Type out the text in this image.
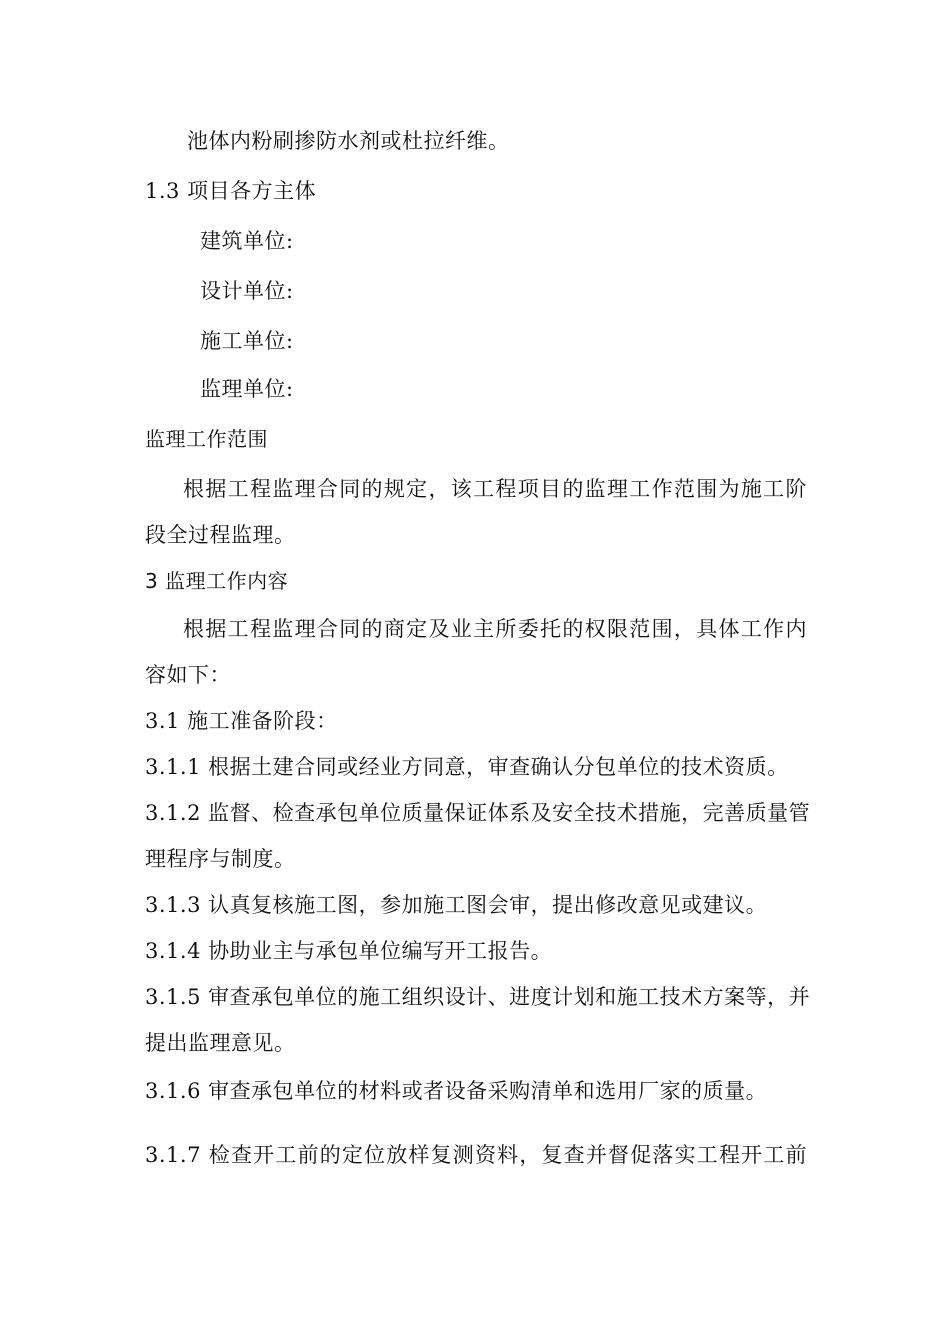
池体内粉刷掺防水剂或杜拉纤维。
1.3 项目各方主体
建筑单位:
设计单位:
施工单位:
监理单位:
监理工作范围
根据工程监理合同的规定，该工程项目的监理工作范围为施工阶
段全过程监理。
3 监理工作内容
根据工程监理合同的商定及业主所委托的权限范围，具体工作内
容如下：
3.1 施工准备阶段：
3.1.1 根据土建合同或经业方同意，审查确认分包单位的技术资质。
3.1.2 监督、检查承包单位质量保证体系及安全技术措施，完善质量管
理程序与制度。
3.1.3 认真复核施工图，参加施工图会审，提出修改意见或建议。
3.1.4 协助业主与承包单位编写开工报告。
3.1.5 审查承包单位的施工组织设计、进度计划和施工技术方案等，并
提出监理意见。
3.1.6 审查承包单位的材料或者设备采购清单和选用厂家的质量。
3.1.7 检查开工前的定位放样复测资料，复查并督促落实工程开工前
